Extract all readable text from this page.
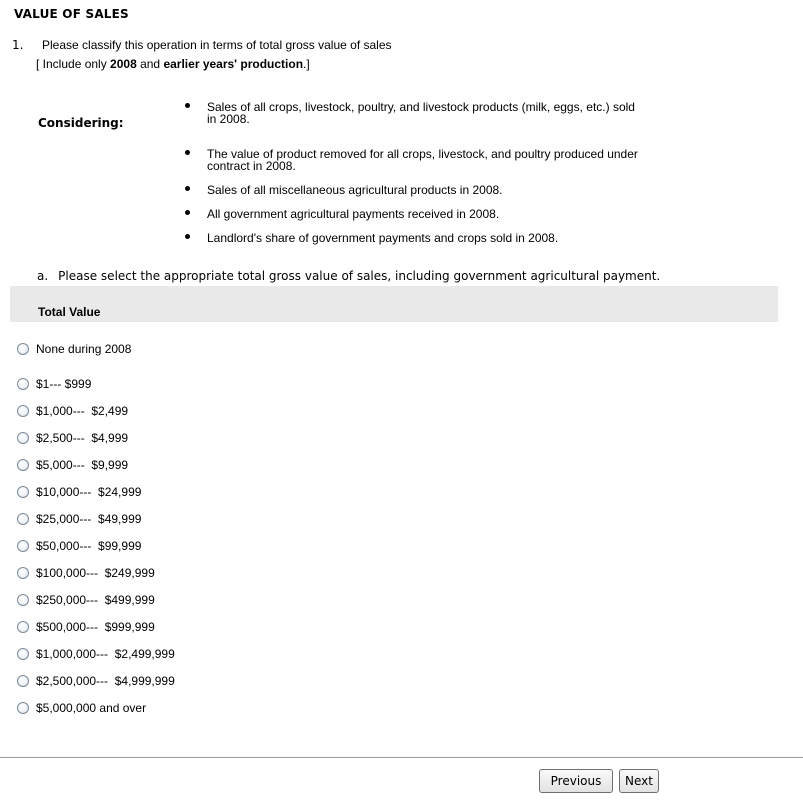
VALUE OF SALES
1. Please classify this operation in terms of total gross value of sales
[ Include only 2008 and earlier years' production.]
Considering:
Sales of all crops, livestock, poultry, and livestock products (milk, eggs, etc.) sold in 2008.
The value of product removed for all crops, livestock, and poultry produced under contract in 2008.
Sales of all miscellaneous agricultural products in 2008.
All government agricultural payments received in 2008.
Landlord's share of government payments and crops sold in 2008.
a. Please select the appropriate total gross value of sales, including government agricultural payment.
Total Value
None during 2008
$1--- $999
$1,000---  $2,499
$2,500---  $4,999
$5,000---  $9,999
$10,000---  $24,999
$25,000---  $49,999
$50,000---  $99,999
$100,000---  $249,999
$250,000---  $499,999
$500,000---  $999,999
$1,000,000---  $2,499,999
$2,500,000---  $4,999,999
$5,000,000 and over
Previous	Next
